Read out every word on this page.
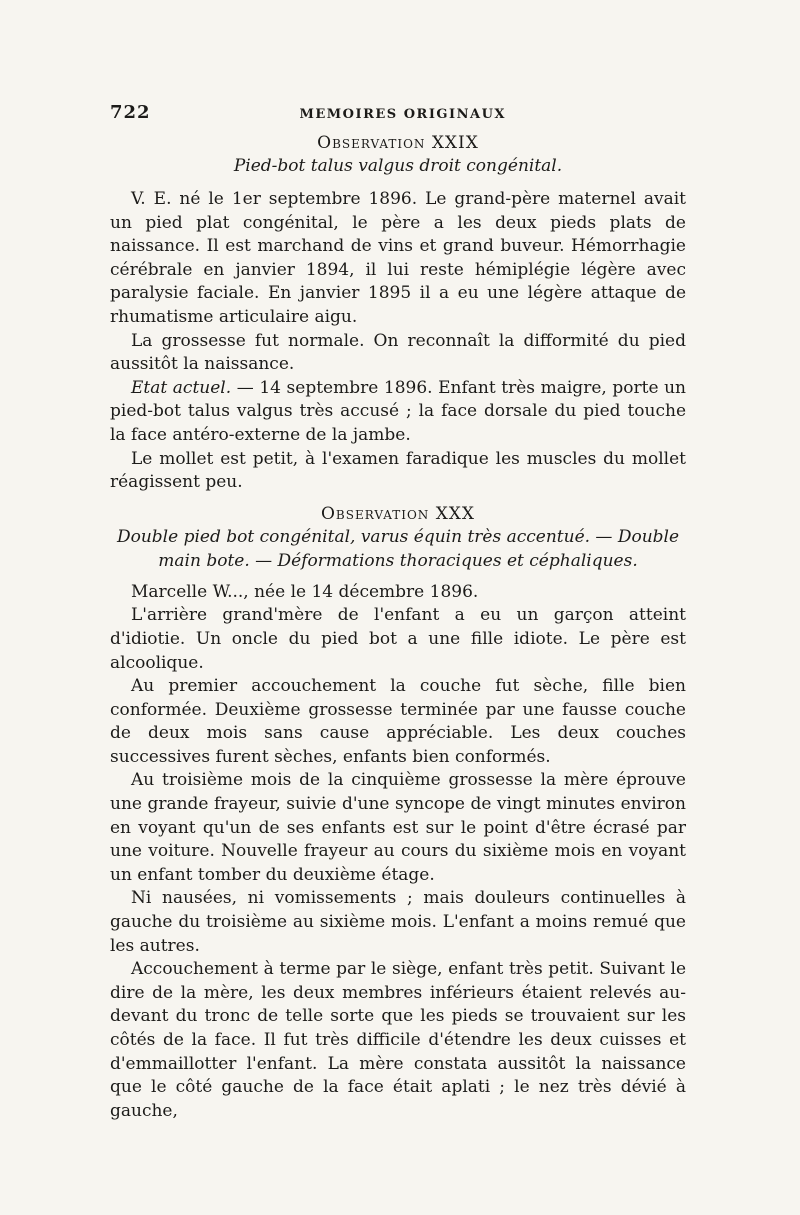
722	MEMOIRES ORIGINAUX
Observation XXIX
Pied-bot talus valgus droit congénital.

V. E. né le 1er septembre 1896. Le grand-père maternel avait un pied plat congénital, le père a les deux pieds plats de naissance. Il est marchand de vins et grand buveur. Hémorrhagie cérébrale en janvier 1894, il lui reste hémiplégie légère avec paralysie faciale. En janvier 1895 il a eu une légère attaque de rhumatisme articulaire aigu.

La grossesse fut normale. On reconnaît la difformité du pied aussitôt la naissance.

Etat actuel. — 14 septembre 1896. Enfant très maigre, porte un pied-bot talus valgus très accusé ; la face dorsale du pied touche la face antéro-externe de la jambe.

Le mollet est petit, à l'examen faradique les muscles du mollet réagissent peu.

Observation XXX
Double pied bot congénital, varus équin très accentué. — Double main bote. — Déformations thoraciques et céphaliques.

Marcelle W..., née le 14 décembre 1896.

L'arrière grand'mère de l'enfant a eu un garçon atteint d'idiotie. Un oncle du pied bot a une fille idiote. Le père est alcoolique.

Au premier accouchement la couche fut sèche, fille bien conformée. Deuxième grossesse terminée par une fausse couche de deux mois sans cause appréciable. Les deux couches successives furent sèches, enfants bien conformés.

Au troisième mois de la cinquième grossesse la mère éprouve une grande frayeur, suivie d'une syncope de vingt minutes environ en voyant qu'un de ses enfants est sur le point d'être écrasé par une voiture. Nouvelle frayeur au cours du sixième mois en voyant un enfant tomber du deuxième étage.

Ni nausées, ni vomissements ; mais douleurs continuelles à gauche du troisième au sixième mois. L'enfant a moins remué que les autres.

Accouchement à terme par le siège, enfant très petit. Suivant le dire de la mère, les deux membres inférieurs étaient relevés au-devant du tronc de telle sorte que les pieds se trouvaient sur les côtés de la face. Il fut très difficile d'étendre les deux cuisses et d'emmaillotter l'enfant. La mère constata aussitôt la naissance que le côté gauche de la face était aplati ; le nez très dévié à gauche,
